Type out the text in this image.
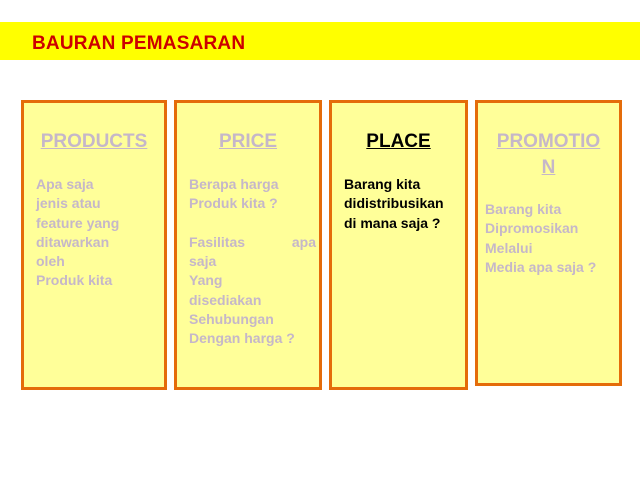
BAURAN PEMASARAN
PRODUCTS
Apa saja
jenis atau
feature yang
ditawarkan
oleh
Produk kita
PRICE
Berapa harga
Produk kita ?
Fasilitas	apa
saja
Yang
disediakan
Sehubungan
Dengan harga ?
PLACE
Barang kita
didistribusikan
di mana saja ?
PROMOTIO
N
Barang kita
Dipromosikan
Melalui
Media apa saja ?
